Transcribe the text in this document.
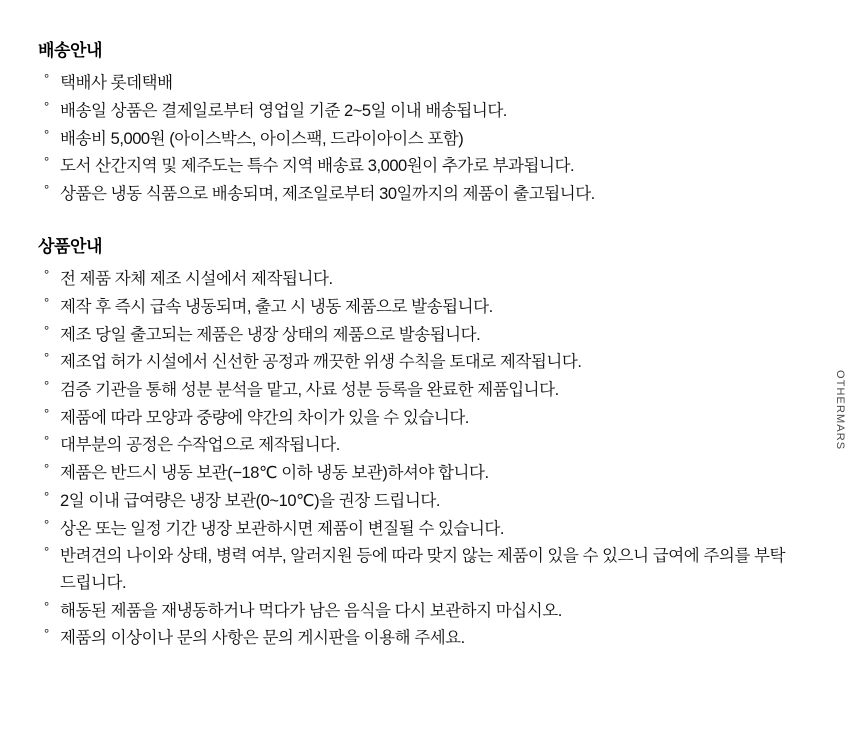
배송안내
° 택배사 롯데택배
° 배송일 상품은 결제일로부터 영업일 기준 2~5일 이내 배송됩니다.
° 배송비 5,000원 (아이스박스, 아이스팩, 드라이아이스 포함)
° 도서 산간지역 및 제주도는 특수 지역 배송료 3,000원이 추가로 부과됩니다.
° 상품은 냉동 식품으로 배송되며, 제조일로부터 30일까지의 제품이 출고됩니다.
상품안내
° 전 제품 자체 제조 시설에서 제작됩니다.
° 제작 후 즉시 급속 냉동되며, 출고 시 냉동 제품으로 발송됩니다.
° 제조 당일 출고되는 제품은 냉장 상태의 제품으로 발송됩니다.
° 제조업 허가 시설에서 신선한 공정과 깨끗한 위생 수칙을 토대로 제작됩니다.
° 검증 기관을 통해 성분 분석을 맡고, 사료 성분 등록을 완료한 제품입니다.
° 제품에 따라 모양과 중량에 약간의 차이가 있을 수 있습니다.
° 대부분의 공정은 수작업으로 제작됩니다.
° 제품은 반드시 냉동 보관(−18℃ 이하 냉동 보관)하셔야 합니다.
° 2일 이내 급여량은 냉장 보관(0~10℃)을 권장 드립니다.
° 상온 또는 일정 기간 냉장 보관하시면 제품이 변질될 수 있습니다.
° 반려견의 나이와 상태, 병력 여부, 알러지원 등에 따라 맞지 않는 제품이 있을 수 있으니 급여에 주의를 부탁드립니다.
° 해동된 제품을 재냉동하거나 먹다가 남은 음식을 다시 보관하지 마십시오.
° 제품의 이상이나 문의 사항은 문의 게시판을 이용해 주세요.
OTHERMARS
